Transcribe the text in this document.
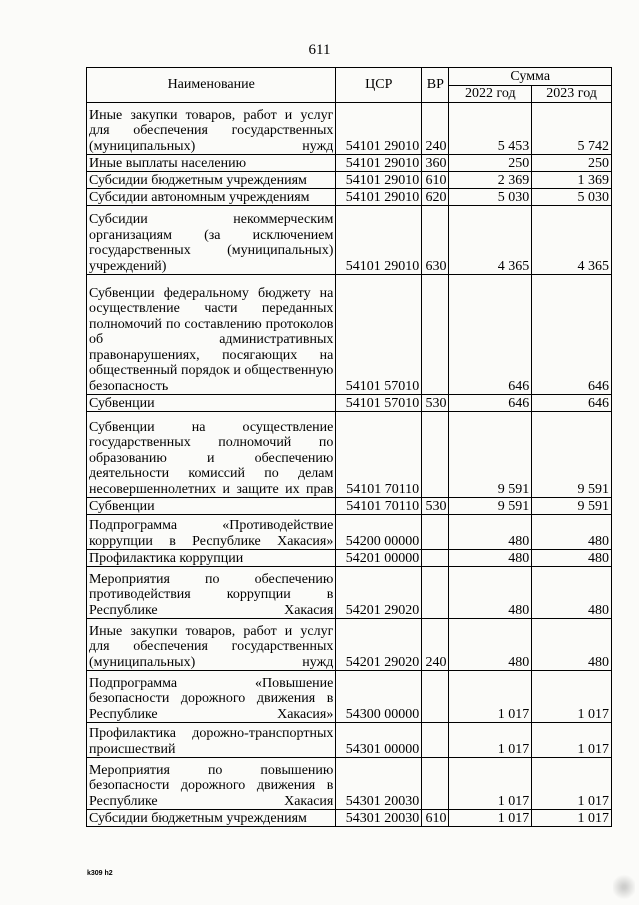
611
Наименование	ЦСР	ВР	Сумма	
			2022 год	2023 год
Иные закупки товаров, работ и услуг для обеспечения государственных (муниципальных) нужд	54101 29010	240	5 453	5 742
Иные выплаты населению	54101 29010	360	250	250
Субсидии бюджетным учреждениям	54101 29010	610	2 369	1 369
Субсидии автономным учреждениям	54101 29010	620	5 030	5 030
Субсидии некоммерческим организациям (за исключением государственных (муниципальных) учреждений)	54101 29010	630	4 365	4 365
Субвенции федеральному бюджету на осуществление части переданных полномочий по составлению протоколов об административных правонарушениях, посягающих на общественный порядок и общественную безопасность	54101 57010		646	646
Субвенции	54101 57010	530	646	646
Субвенции на осуществление государственных полномочий по образованию и обеспечению деятельности комиссий по делам несовершеннолетних и защите их прав	54101 70110		9 591	9 591
Субвенции	54101 70110	530	9 591	9 591
Подпрограмма «Противодействие коррупции в Республике Хакасия»	54200 00000		480	480
Профилактика коррупции	54201 00000		480	480
Мероприятия по обеспечению противодействия коррупции в Республике Хакасия	54201 29020		480	480
Иные закупки товаров, работ и услуг для обеспечения государственных (муниципальных) нужд	54201 29020	240	480	480
Подпрограмма «Повышение безопасности дорожного движения в Республике Хакасия»	54300 00000		1 017	1 017
Профилактика дорожно-транспортных происшествий	54301 00000		1 017	1 017
Мероприятия по повышению безопасности дорожного движения в Республике Хакасия	54301 20030		1 017	1 017
Субсидии бюджетным учреждениям	54301 20030	610	1 017	1 017
k309 h2
